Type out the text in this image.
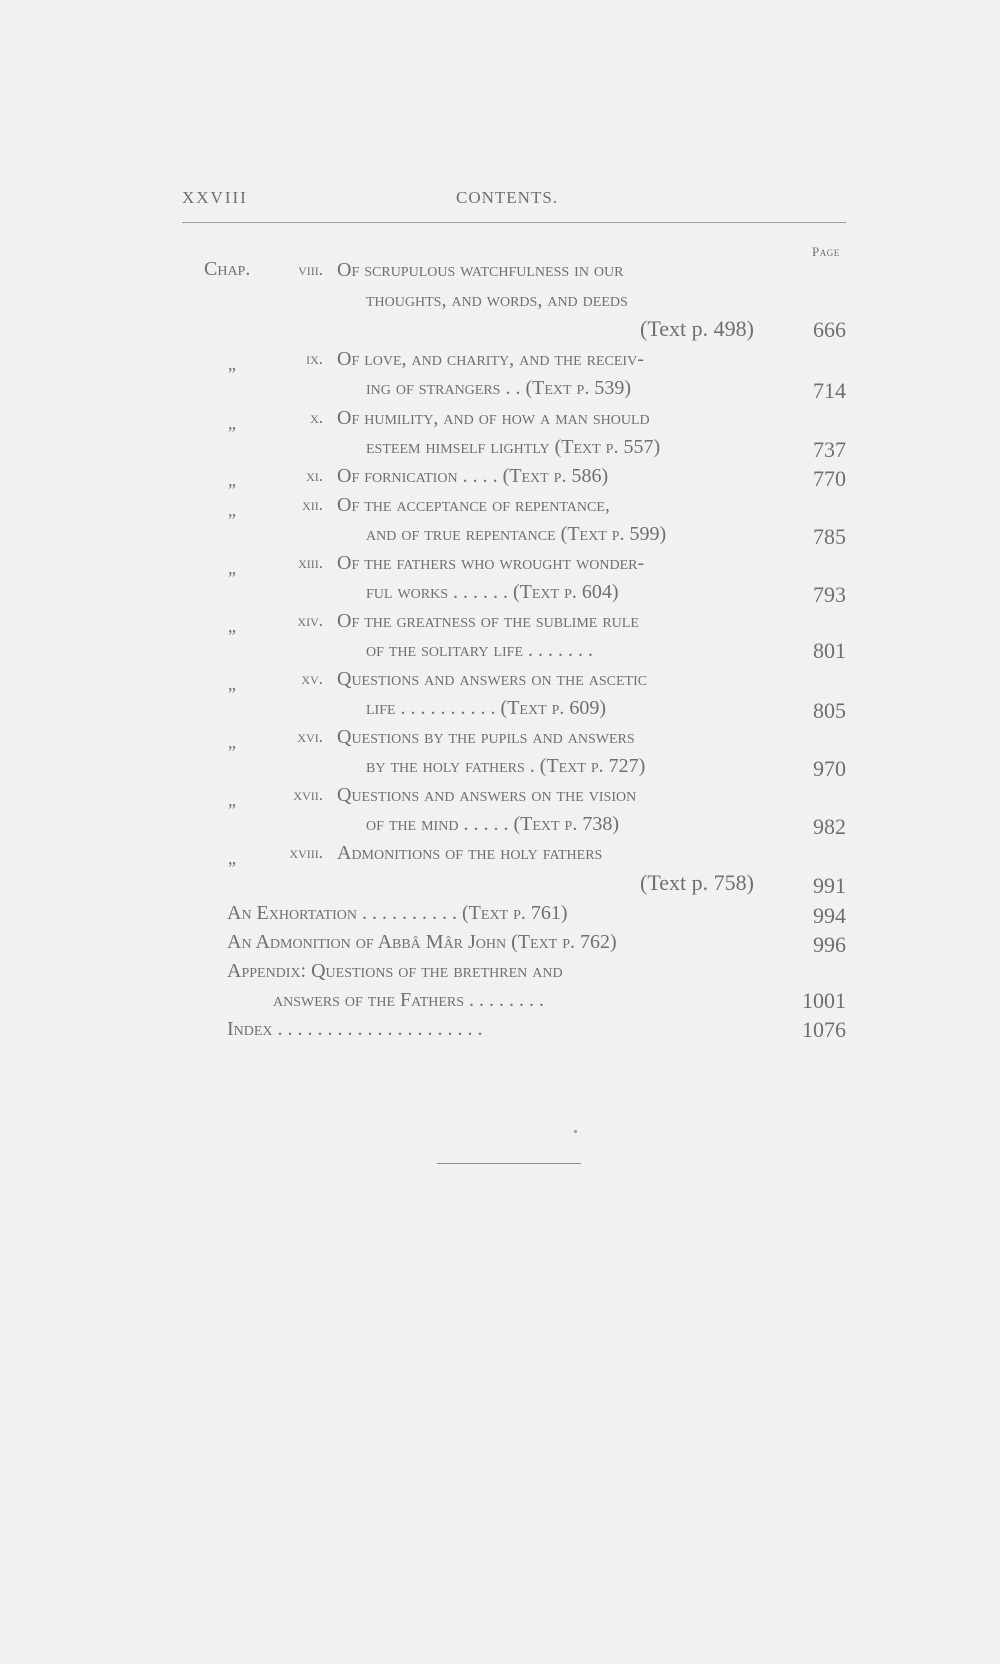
XXVIII	CONTENTS.
Page
Chap.	viii. Of scrupulous watchfulness in our
thoughts, and words, and deeds
(Text p. 498)	666
„	ix. Of love, and charity, and the receiv-
ing of strangers . . (Text p. 539)	714
„	x. Of humility, and of how a man should
esteem himself lightly (Text p. 557)	737
„	xi. Of fornication . . . . (Text p. 586)	770
„	xii. Of the acceptance of repentance,
and of true repentance (Text p. 599)	785
„	xiii. Of the fathers who wrought wonder-
ful works . . . . . . (Text p. 604)	793
„	xiv. Of the greatness of the sublime rule
of the solitary life . . . . . . .	801
„	xv. Questions and answers on the ascetic
life . . . . . . . . . . (Text p. 609)	805
„	xvi. Questions by the pupils and answers
by the holy fathers . (Text p. 727)	970
„	xvii. Questions and answers on the vision
of the mind . . . . . (Text p. 738)	982
„	xviii. Admonitions of the holy fathers
(Text p. 758)	991
An Exhortation . . . . . . . . . . (Text p. 761)	994
An Admonition of Abbâ Mâr John (Text p. 762)	996
Appendix: Questions of the brethren and
answers of the Fathers . . . . . . . .	1001
Index . . . . . . . . . . . . . . . . . . . . .	1076
